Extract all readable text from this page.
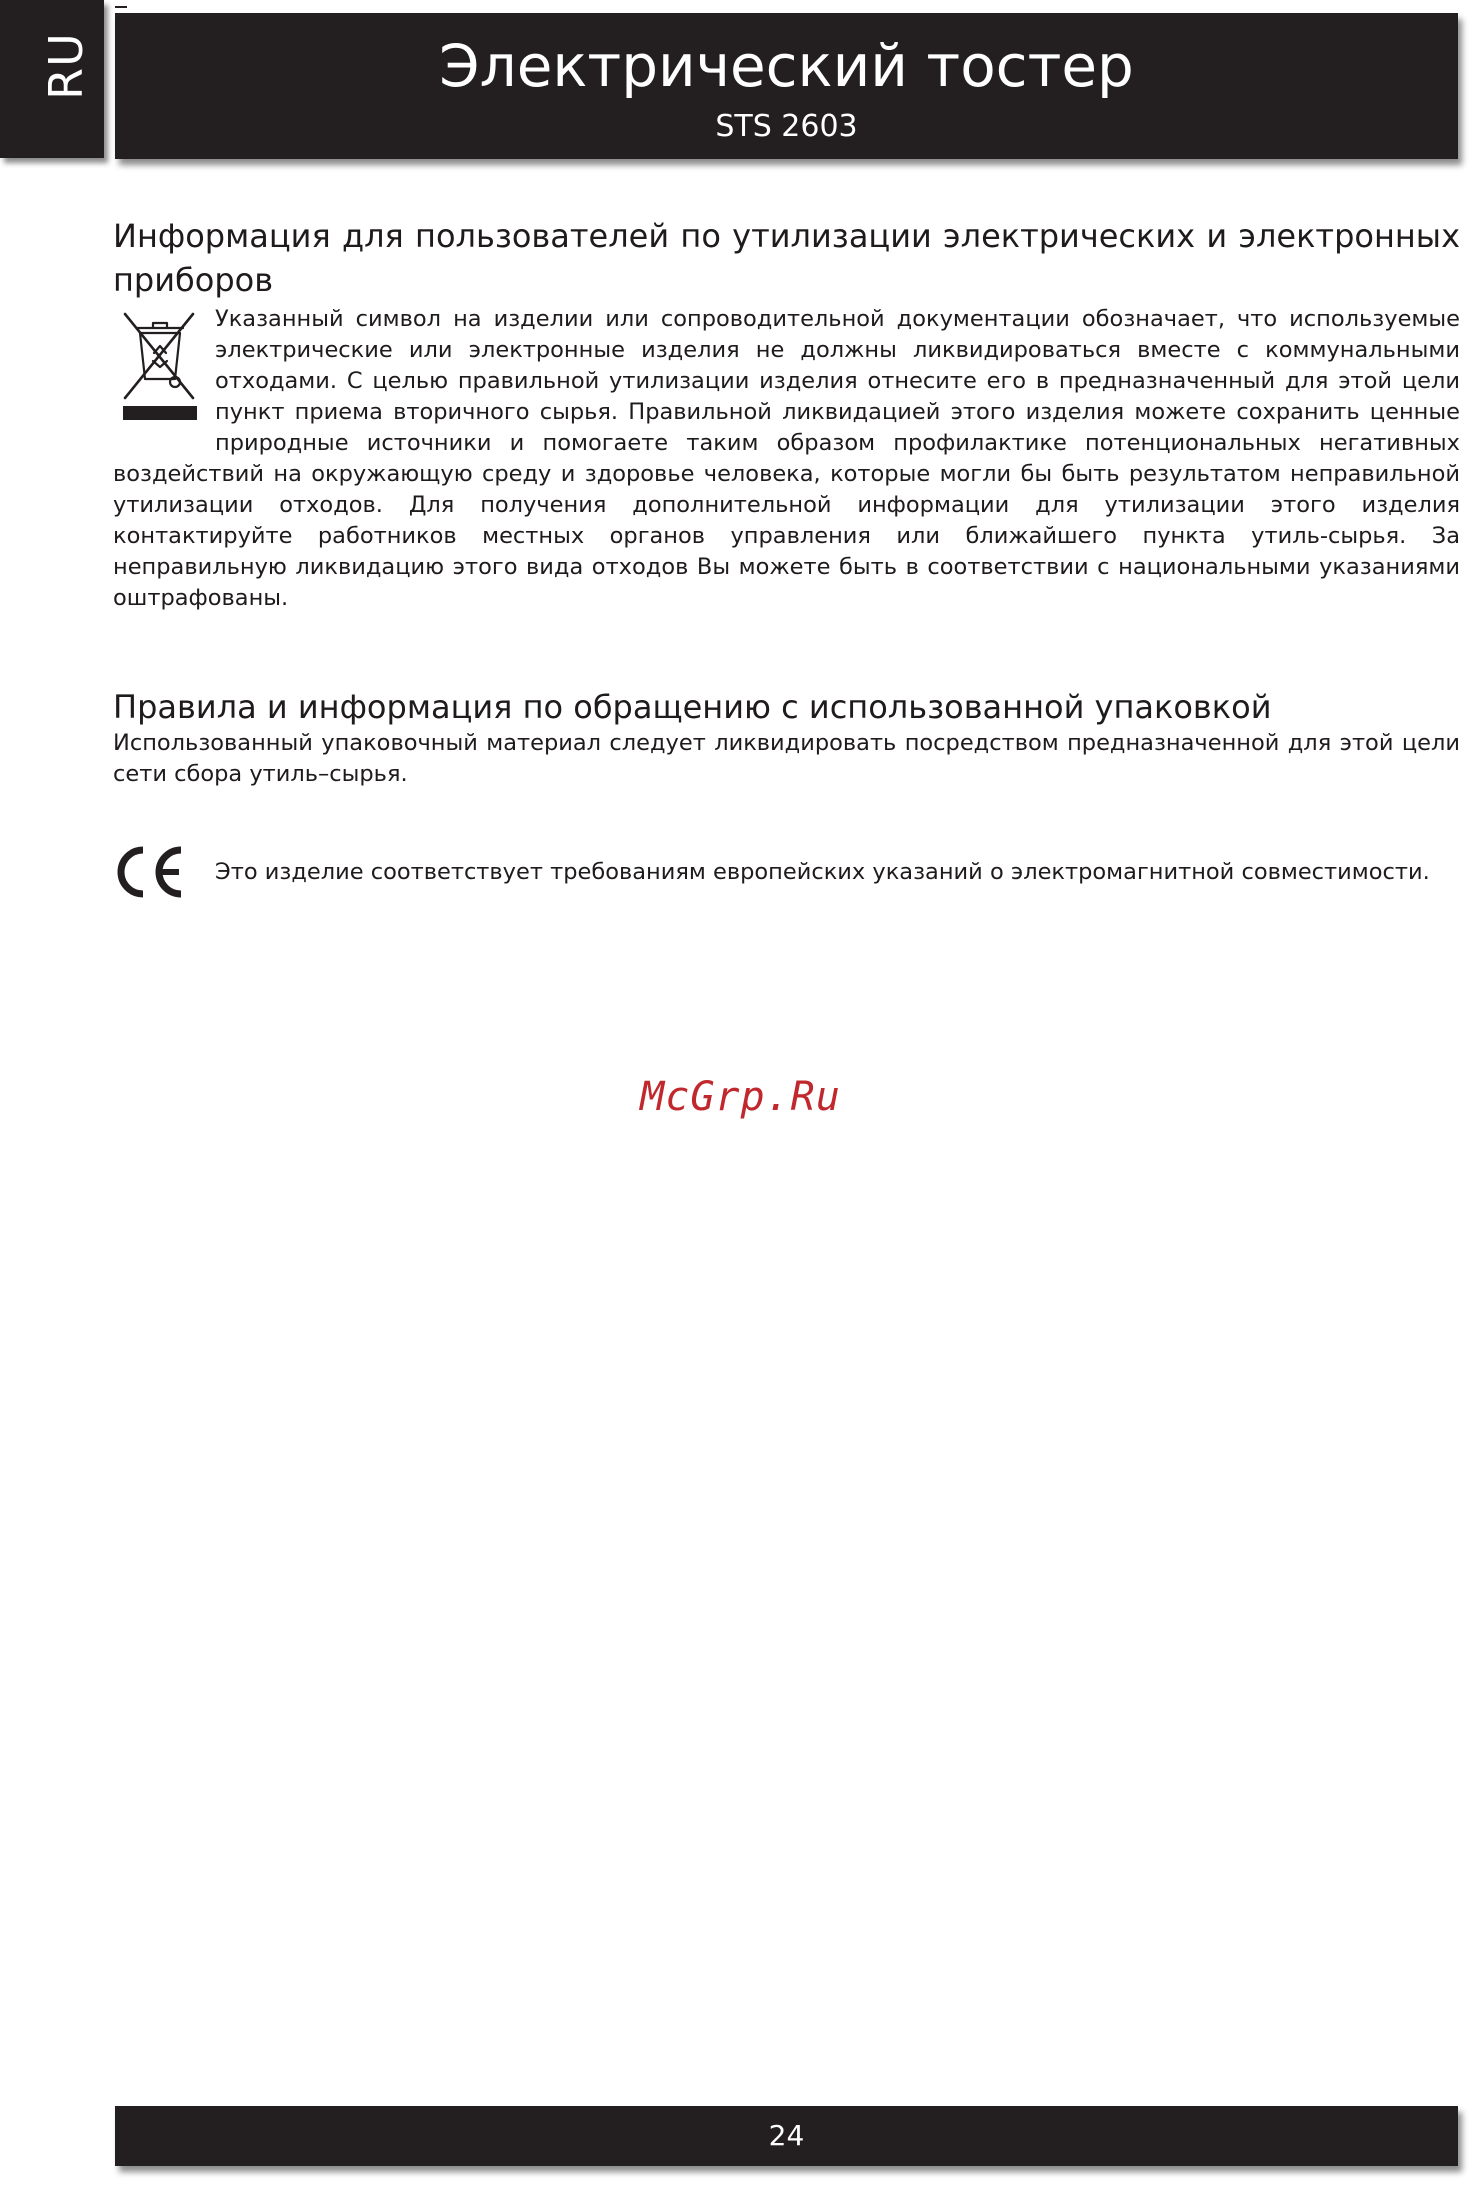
RU	Электрический тостер
STS 2603
Информация для пользователей по утилизации электрических и электронных приборов

Указанный символ на изделии или сопроводительной документации обозначает, что используемые электрические или электронные изделия не должны ликвидироваться вместе с коммунальными отходами. С целью правильной утилизации изделия отнесите его в предназначенный для этой цели пункт приема вторичного сырья. Правильной ликвидацией этого изделия можете сохранить ценные природные источники и помогаете таким образом профилактике потенциональных негативных воздействий на окружающую среду и здоровье человека, которые могли бы быть результатом неправильной утилизации отходов. Для получения дополнительной информации для утилизации этого изделия контактируйте работников местных органов управления или ближайшего пункта утиль-сырья. За неправильную ликвидацию этого вида отходов Вы можете быть в соответствии с национальными указаниями оштрафованы.

Правила и информация по обращению с использованной упаковкой

Использованный упаковочный материал следует ликвидировать посредством предназначенной для этой цели сети сбора утиль–сырья.

Это изделие соответствует требованиям европейских указаний о электромагнитной совместимости.
McGrp.Ru
24
